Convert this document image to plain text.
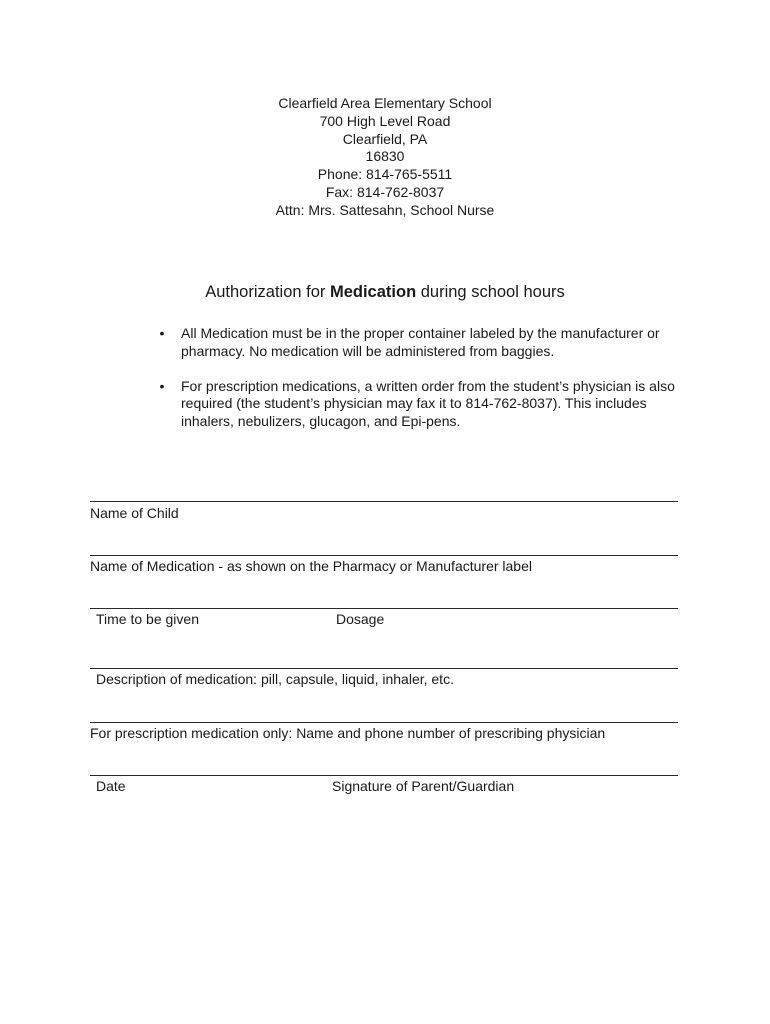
Clearfield Area Elementary School
700 High Level Road
Clearfield, PA
16830
Phone: 814-765-5511
Fax: 814-762-8037
Attn: Mrs. Sattesahn, School Nurse
Authorization for Medication during school hours
•	All Medication must be in the proper container labeled by the manufacturer or pharmacy. No medication will be administered from baggies.
•	For prescription medications, a written order from the student’s physician is also required (the student’s physician may fax it to 814-762-8037). This includes inhalers, nebulizers, glucagon, and Epi-pens.
Name of Child
Name of Medication - as shown on the Pharmacy or Manufacturer label
Time to be given	Dosage
Description of medication: pill, capsule, liquid, inhaler, etc.
For prescription medication only: Name and phone number of prescribing physician
Date	Signature of Parent/Guardian
